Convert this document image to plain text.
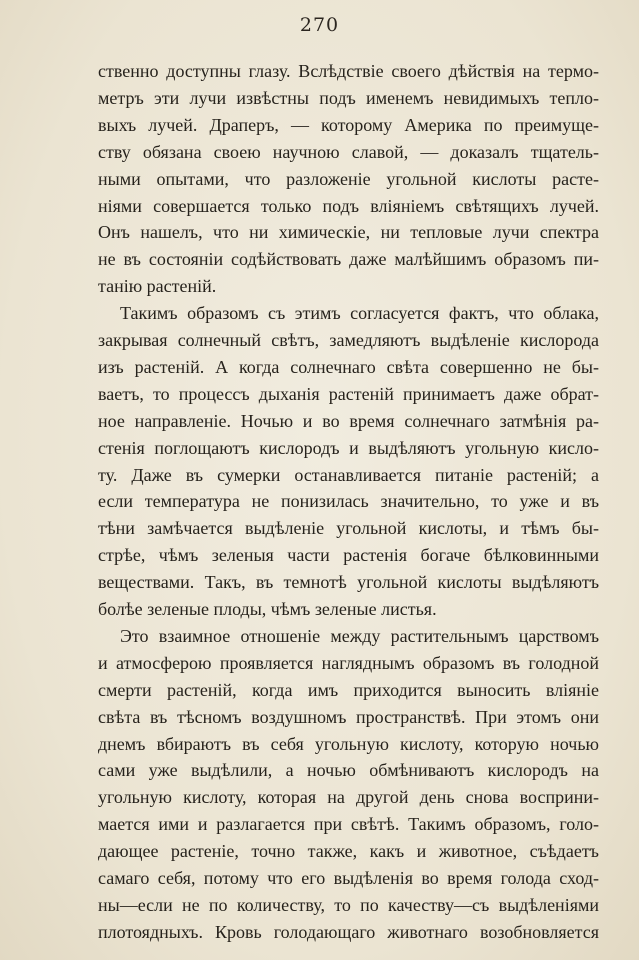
270
ственно доступны глазу. Вслѣдствіе своего дѣйствія на термо-
метръ эти лучи извѣстны подъ именемъ невидимыхъ тепло-
выхъ лучей. Драперъ, — которому Америка по преимуще-
ству обязана своею научною славой, — доказалъ тщатель-
ными опытами, что разложеніе угольной кислоты расте-
ніями совершается только подъ вліяніемъ свѣтящихъ лучей.
Онъ нашелъ, что ни химическіе, ни тепловые лучи спектра
не въ состояніи содѣйствовать даже малѣйшимъ образомъ пи-
танію растеній.
Такимъ образомъ съ этимъ согласуется фактъ, что облака,
закрывая солнечный свѣтъ, замедляютъ выдѣленіе кислорода
изъ растеній. А когда солнечнаго свѣта совершенно не бы-
ваетъ, то процессъ дыханія растеній принимаетъ даже обрат-
ное направленіе. Ночью и во время солнечнаго затмѣнія ра-
стенія поглощаютъ кислородъ и выдѣляютъ угольную кисло-
ту. Даже въ сумерки останавливается питаніе растеній; а
если температура не понизилась значительно, то уже и въ
тѣни замѣчается выдѣленіе угольной кислоты, и тѣмъ бы-
стрѣе, чѣмъ зеленыя части растенія богаче бѣлковинными
веществами. Такъ, въ темнотѣ угольной кислоты выдѣляютъ
болѣе зеленые плоды, чѣмъ зеленые листья.
Это взаимное отношеніе между растительнымъ царствомъ
и атмосферою проявляется нагляднымъ образомъ въ голодной
смерти растеній, когда имъ приходится выносить вліяніе
свѣта въ тѣсномъ воздушномъ пространствѣ. При этомъ они
днемъ вбираютъ въ себя угольную кислоту, которую ночью
сами уже выдѣлили, а ночью обмѣниваютъ кислородъ на
угольную кислоту, которая на другой день снова восприни-
мается ими и разлагается при свѣтѣ. Такимъ образомъ, голо-
дающее растеніе, точно также, какъ и животное, съѣдаетъ
самаго себя, потому что его выдѣленія во время голода сход-
ны—если не по количеству, то по качеству—съ выдѣленіями
плотоядныхъ. Кровь голодающаго животнаго возобновляется
